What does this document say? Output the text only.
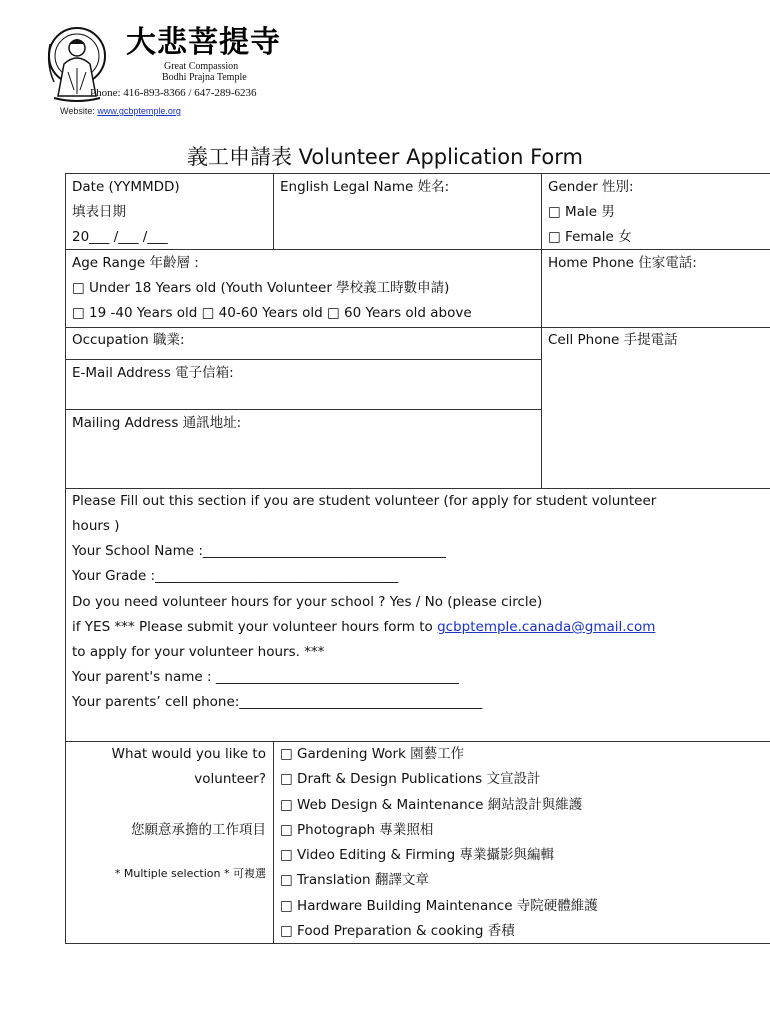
大悲菩提寺
Great Compassion
Bodhi Prajna Temple
Phone: 416-893-8366 / 647-289-6236
Website: www.gcbptemple.org
義工申請表 Volunteer Application Form
Date (YYMMDD)
填表日期
20___ /___ /___
English Legal Name 姓名:	Gender 性別:
□ Male 男
□ Female 女
Age Range 年齡層 :
□ Under 18 Years old (Youth Volunteer 學校義工時數申請)
□ 19 -40 Years old □ 40-60 Years old □ 60 Years old above
Home Phone 住家電話:
Occupation 職業:	Cell Phone 手提電話
E-Mail Address 電子信箱:
Mailing Address 通訊地址:
Please Fill out this section if you are student volunteer (for apply for student volunteer
hours )
Your School Name :____________________________________
Your Grade :____________________________________
Do you need volunteer hours for your school ? Yes / No (please circle)
if YES *** Please submit your volunteer hours form to gcbptemple.canada@gmail.com
to apply for your volunteer hours. ***
Your parent's name : ____________________________________
Your parents’ cell phone:____________________________________
What would you like to
volunteer?
您願意承擔的工作項目
* Multiple selection * 可複選
□ Gardening Work 園藝工作
□ Draft & Design Publications 文宣設計
□ Web Design & Maintenance 網站設計與維護
□ Photograph 專業照相
□ Video Editing & Firming 專業攝影與編輯
□ Translation 翻譯文章
□ Hardware Building Maintenance 寺院硬體維護
□ Food Preparation & cooking 香積
